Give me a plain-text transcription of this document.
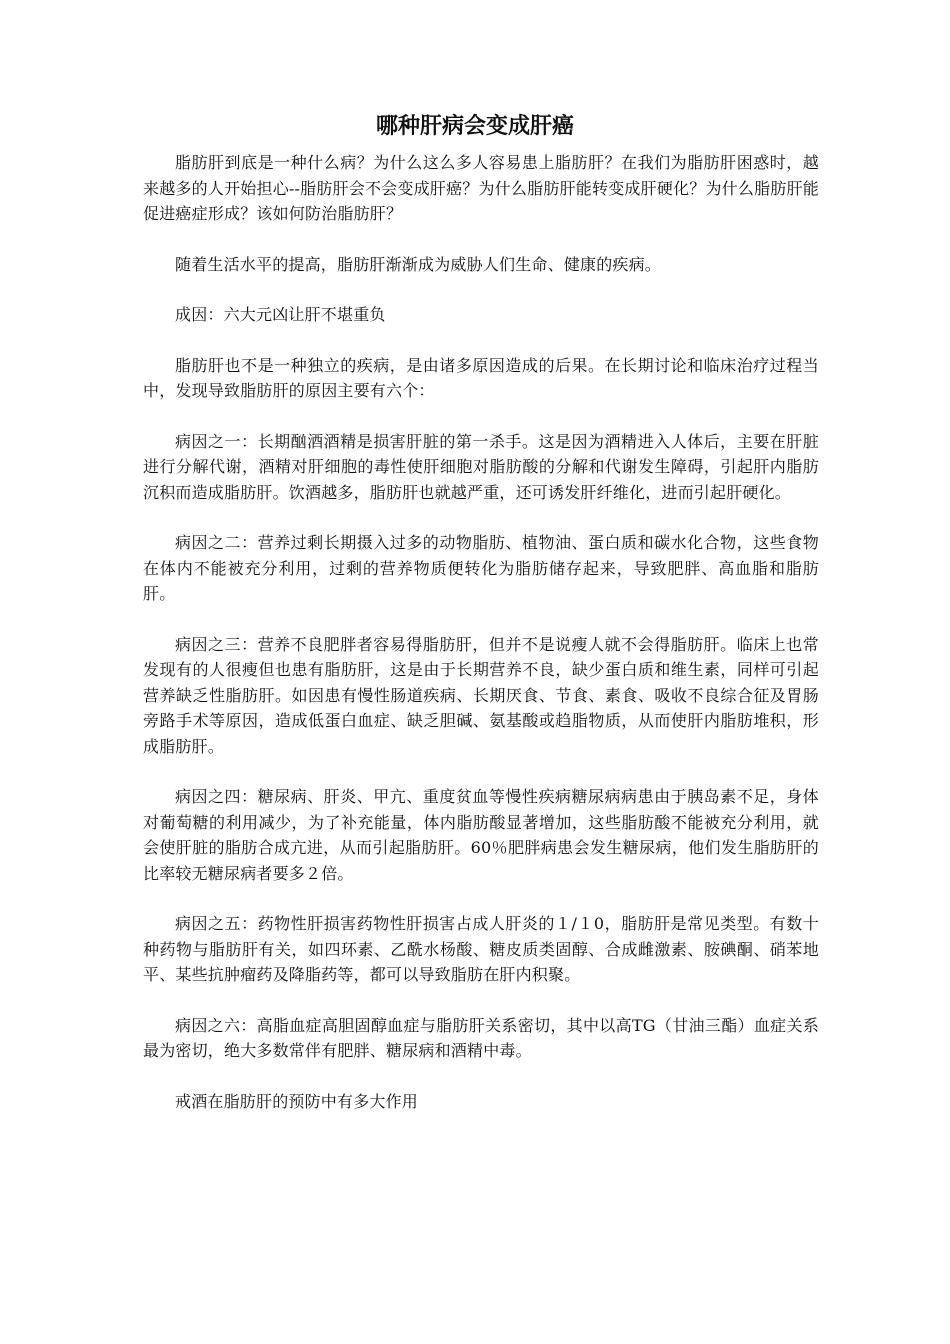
哪种肝病会变成肝癌

脂肪肝到底是一种什么病？为什么这么多人容易患上脂肪肝？在我们为脂肪肝困惑时，越来越多的人开始担心--脂肪肝会不会变成肝癌？为什么脂肪肝能转变成肝硬化？为什么脂肪肝能促进癌症形成？该如何防治脂肪肝？

随着生活水平的提高，脂肪肝渐渐成为威胁人们生命、健康的疾病。

成因：六大元凶让肝不堪重负

脂肪肝也不是一种独立的疾病，是由诸多原因造成的后果。在长期讨论和临床治疗过程当中，发现导致脂肪肝的原因主要有六个：

病因之一：长期酗酒酒精是损害肝脏的第一杀手。这是因为酒精进入人体后，主要在肝脏进行分解代谢，酒精对肝细胞的毒性使肝细胞对脂肪酸的分解和代谢发生障碍，引起肝内脂肪沉积而造成脂肪肝。饮酒越多，脂肪肝也就越严重，还可诱发肝纤维化，进而引起肝硬化。

病因之二：营养过剩长期摄入过多的动物脂肪、植物油、蛋白质和碳水化合物，这些食物在体内不能被充分利用，过剩的营养物质便转化为脂肪储存起来，导致肥胖、高血脂和脂肪肝。

病因之三：营养不良肥胖者容易得脂肪肝，但并不是说瘦人就不会得脂肪肝。临床上也常发现有的人很瘦但也患有脂肪肝，这是由于长期营养不良，缺少蛋白质和维生素，同样可引起营养缺乏性脂肪肝。如因患有慢性肠道疾病、长期厌食、节食、素食、吸收不良综合征及胃肠旁路手术等原因，造成低蛋白血症、缺乏胆碱、氨基酸或趋脂物质，从而使肝内脂肪堆积，形成脂肪肝。

病因之四：糖尿病、肝炎、甲亢、重度贫血等慢性疾病糖尿病病患由于胰岛素不足，身体对葡萄糖的利用减少，为了补充能量，体内脂肪酸显著增加，这些脂肪酸不能被充分利用，就会使肝脏的脂肪合成亢进，从而引起脂肪肝。60％肥胖病患会发生糖尿病，他们发生脂肪肝的比率较无糖尿病者要多２倍。

病因之五：药物性肝损害药物性肝损害占成人肝炎的１/１0，脂肪肝是常见类型。有数十种药物与脂肪肝有关，如四环素、乙酰水杨酸、糖皮质类固醇、合成雌激素、胺碘酮、硝苯地平、某些抗肿瘤药及降脂药等，都可以导致脂肪在肝内积聚。

病因之六：高脂血症高胆固醇血症与脂肪肝关系密切，其中以高TG（甘油三酯）血症关系最为密切，绝大多数常伴有肥胖、糖尿病和酒精中毒。

戒酒在脂肪肝的预防中有多大作用
